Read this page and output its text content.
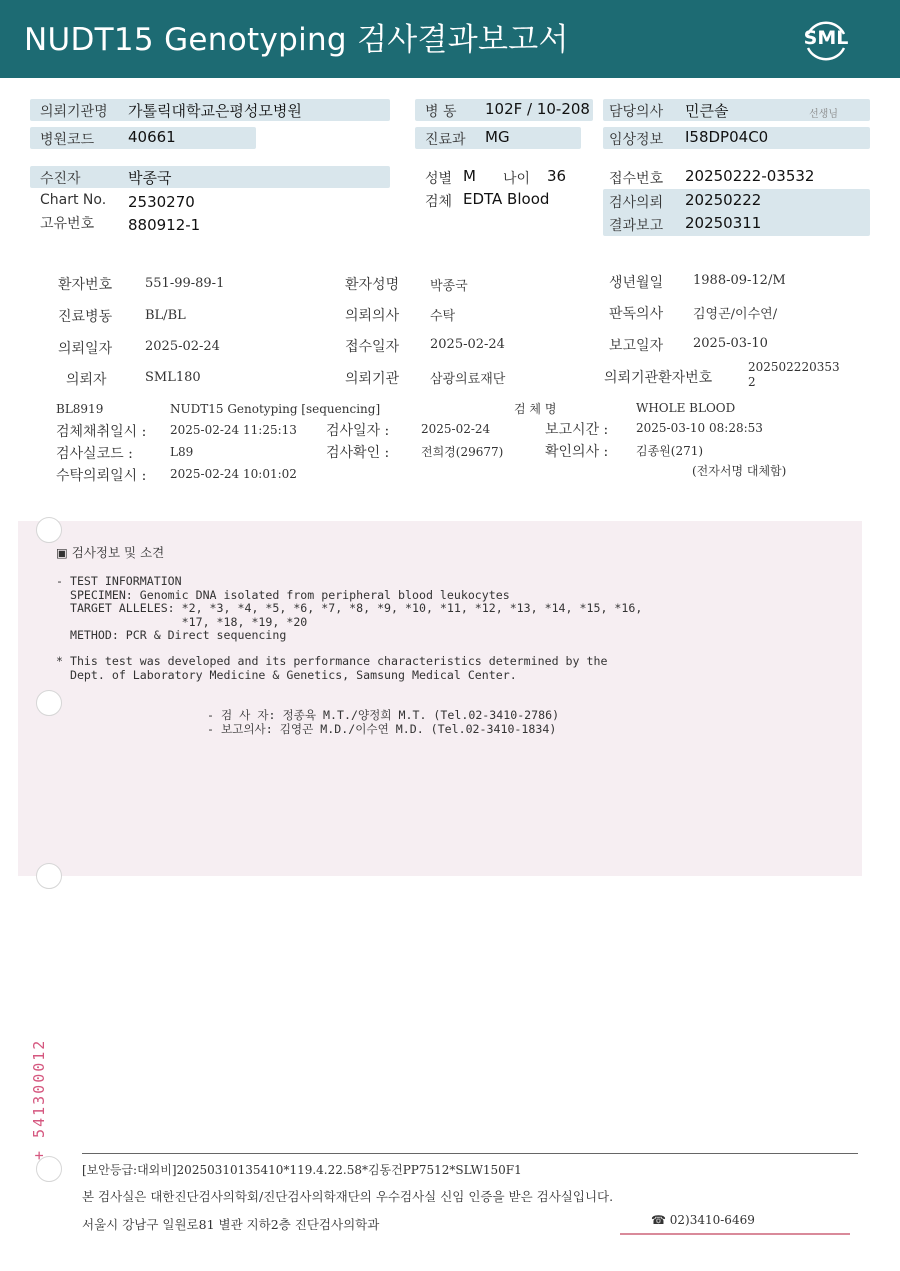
NUDT15 Genotyping 검사결과보고서	SML
의뢰기관명 가톨릭대학교은평성모병원
병원코드 40661
병 동 102F / 10-208
진료과 MG
담당의사 민큰솔	선생님
임상정보 I58DP04C0
수진자	박종국
Chart No. 2530270
고유번호 880912-1
성별 M 나이 36
검체 EDTA Blood
접수번호 20250222-03532
검사의뢰 20250222
결과보고 20250311
환자번호	551-99-89-1	환자성명 박종국	생년월일 1988-09-12/M
진료병동	BL/BL	의뢰의사 수탁	판독의사 김영곤/이수연/
의뢰일자	2025-02-24	접수일자 2025-02-24	보고일자 2025-03-10
의뢰자	SML180	의뢰기관 삼광의료재단	의뢰기관환자번호
202502220353
2
BL8919	NUDT15 Genotyping [sequencing]	검 체 명	WHOLE BLOOD
검체채취일시 : 2025-02-24 11:25:13 검사일자 :	2025-02-24	보고시간 : 2025-03-10 08:28:53
검사실코드 :	L89	검사확인 :	전희경(29677)	확인의사 : 김종원(271)
수탁의뢰일시 : 2025-02-24 10:01:02	(전자서명 대체함)
▣ 검사정보 및 소견
- TEST INFORMATION
SPECIMEN: Genomic DNA isolated from peripheral blood leukocytes
TARGET ALLELES: *2, *3, *4, *5, *6, *7, *8, *9, *10, *11, *12, *13, *14, *15, *16,
*17, *18, *19, *20
METHOD: PCR & Direct sequencing
* This test was developed and its performance characteristics determined by the
Dept. of Laboratory Medicine & Genetics, Samsung Medical Center.
- 검 사 자: 정종육 M.T./양정희 M.T. (Tel.02-3410-2786)
- 보고의사: 김영곤 M.D./이수연 M.D. (Tel.02-3410-1834)
+ 541300012
[보안등급:대외비]20250310135410*119.4.22.58*김동건PP7512*SLW150F1
본 검사실은 대한진단검사의학회/진단검사의학재단의 우수검사실 신임 인증을 받은 검사실입니다.
서울시 강남구 일원로81 별관 지하2층 진단검사의학과	☎ 02)3410-6469
